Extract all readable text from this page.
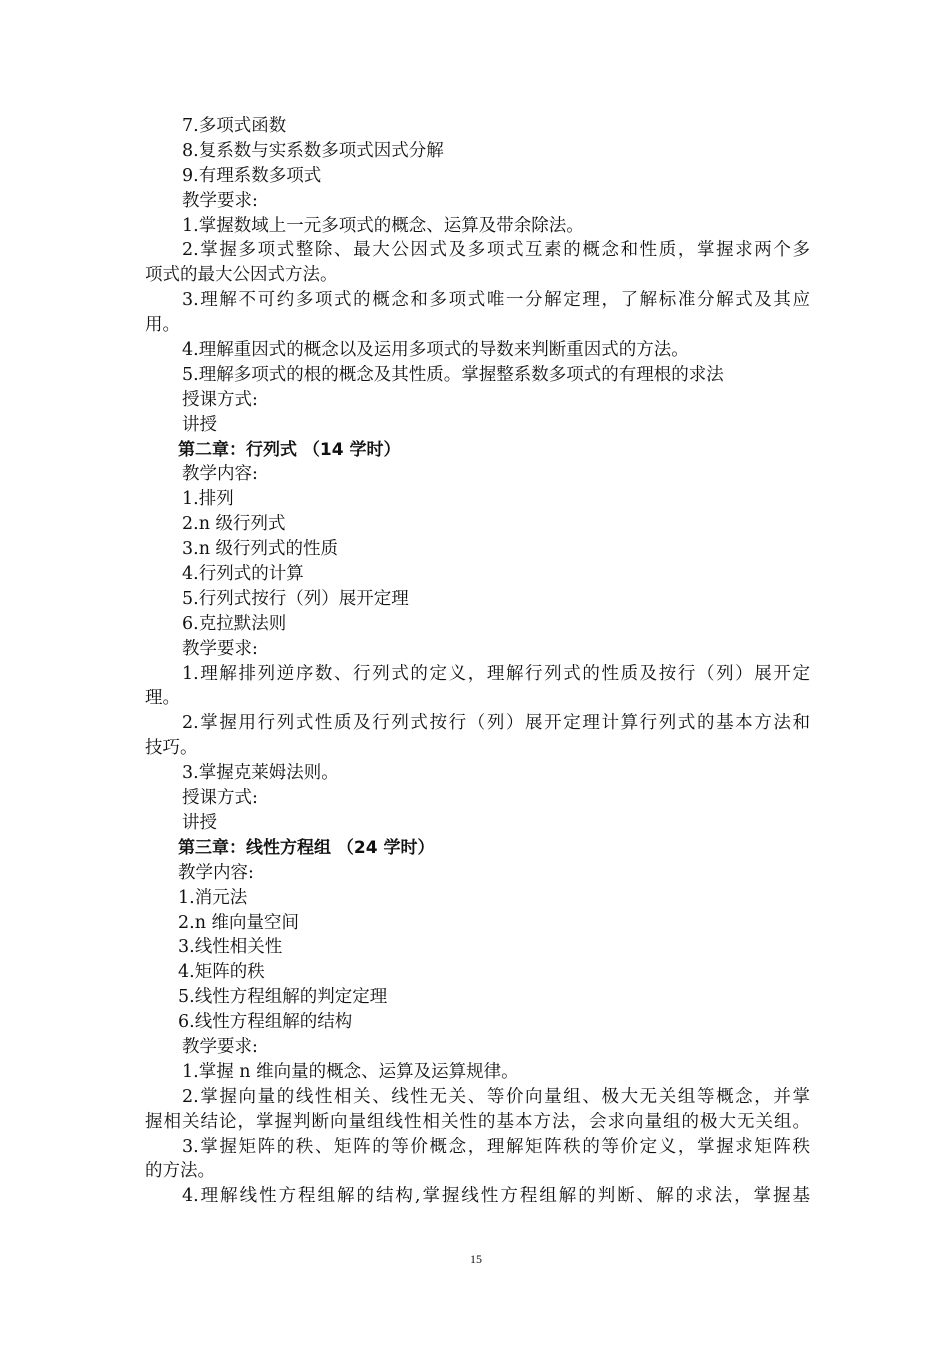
7.多项式函数
8.复系数与实系数多项式因式分解
9.有理系数多项式
教学要求:
1.掌握数域上一元多项式的概念、运算及带余除法。
2.掌握多项式整除、最大公因式及多项式互素的概念和性质，掌握求两个多
项式的最大公因式方法。
3.理解不可约多项式的概念和多项式唯一分解定理，了解标准分解式及其应
用。
4.理解重因式的概念以及运用多项式的导数来判断重因式的方法。
5.理解多项式的根的概念及其性质。掌握整系数多项式的有理根的求法
授课方式:
讲授
第二章：行列式 （14 学时）
教学内容:
1.排列
2.n 级行列式
3.n 级行列式的性质
4.行列式的计算
5.行列式按行（列）展开定理
6.克拉默法则
教学要求:
1.理解排列逆序数、行列式的定义，理解行列式的性质及按行（列）展开定
理。
2.掌握用行列式性质及行列式按行（列）展开定理计算行列式的基本方法和
技巧。
3.掌握克莱姆法则。
授课方式:
讲授
第三章：线性方程组 （24 学时）
教学内容:
1.消元法
2.n 维向量空间
3.线性相关性
4.矩阵的秩
5.线性方程组解的判定定理
6.线性方程组解的结构
教学要求:
1.掌握 n 维向量的概念、运算及运算规律。
2.掌握向量的线性相关、线性无关、等价向量组、极大无关组等概念，并掌
握相关结论，掌握判断向量组线性相关性的基本方法，会求向量组的极大无关组。
3.掌握矩阵的秩、矩阵的等价概念，理解矩阵秩的等价定义，掌握求矩阵秩
的方法。
4.理解线性方程组解的结构,掌握线性方程组解的判断、解的求法，掌握基
15
